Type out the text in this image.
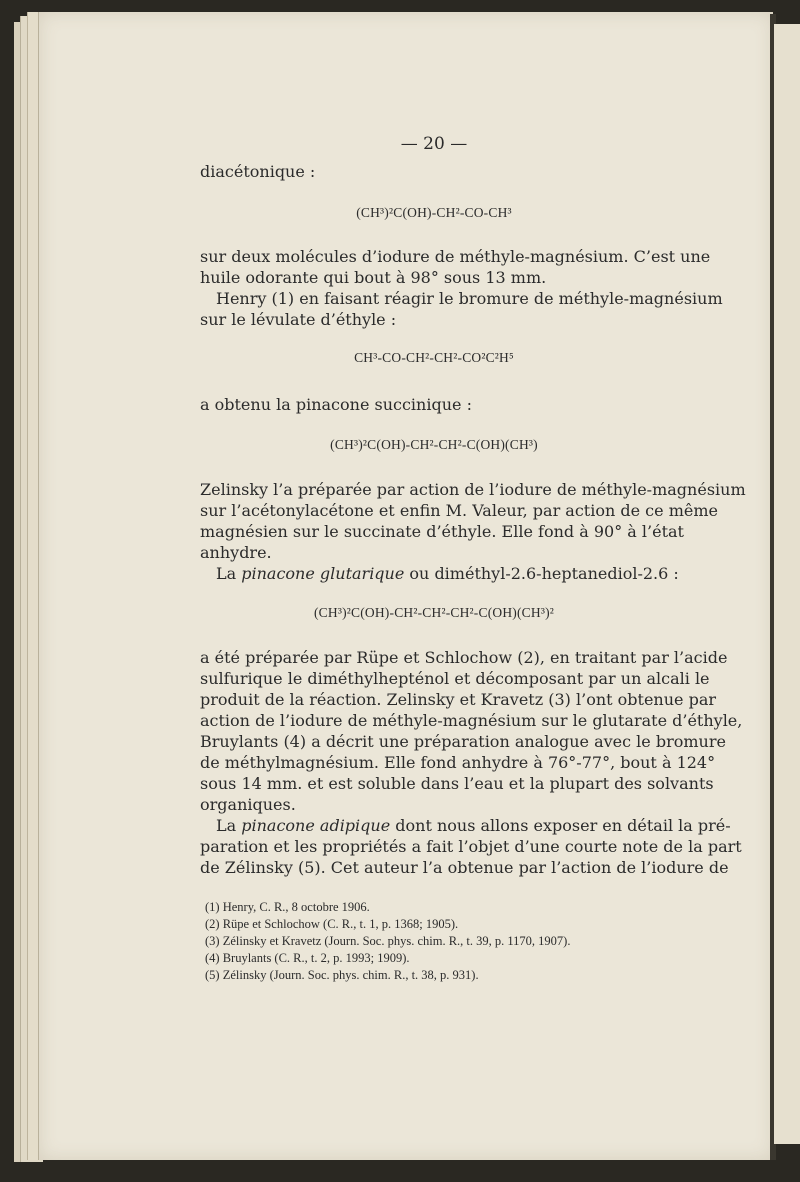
— 20 —
diacétonique :
(CH³)²C(OH)-CH²-CO-CH³
sur deux molécules d’iodure de méthyle-magnésium. C’est une
huile odorante qui bout à 98° sous 13 mm.
Henry (1) en faisant réagir le bromure de méthyle-magnésium
sur le lévulate d’éthyle :
CH³-CO-CH²-CH²-CO²C²H⁵
a obtenu la pinacone succinique :
(CH³)²C(OH)-CH²-CH²-C(OH)(CH³)
Zelinsky l’a préparée par action de l’iodure de méthyle-magnésium
sur l’acétonylacétone et enfin M. Valeur, par action de ce même
magnésien sur le succinate d’éthyle. Elle fond à 90° à l’état
anhydre.
La pinacone glutarique ou diméthyl-2.6-heptanediol-2.6 :
(CH³)²C(OH)-CH²-CH²-CH²-C(OH)(CH³)²
a été préparée par Rüpe et Schlochow (2), en traitant par l’acide
sulfurique le diméthylhepténol et décomposant par un alcali le
produit de la réaction. Zelinsky et Kravetz (3) l’ont obtenue par
action de l’iodure de méthyle-magnésium sur le glutarate d’éthyle,
Bruylants (4) a décrit une préparation analogue avec le bromure
de méthylmagnésium. Elle fond anhydre à 76°-77°, bout à 124°
sous 14 mm. et est soluble dans l’eau et la plupart des solvants
organiques.
La pinacone adipique dont nous allons exposer en détail la pré-
paration et les propriétés a fait l’objet d’une courte note de la part
de Zélinsky (5). Cet auteur l’a obtenue par l’action de l’iodure de
(1) Henry, C. R., 8 octobre 1906.
(2) Rüpe et Schlochow (C. R., t. 1, p. 1368; 1905).
(3) Zélinsky et Kravetz (Journ. Soc. phys. chim. R., t. 39, p. 1170, 1907).
(4) Bruylants (C. R., t. 2, p. 1993; 1909).
(5) Zélinsky (Journ. Soc. phys. chim. R., t. 38, p. 931).
